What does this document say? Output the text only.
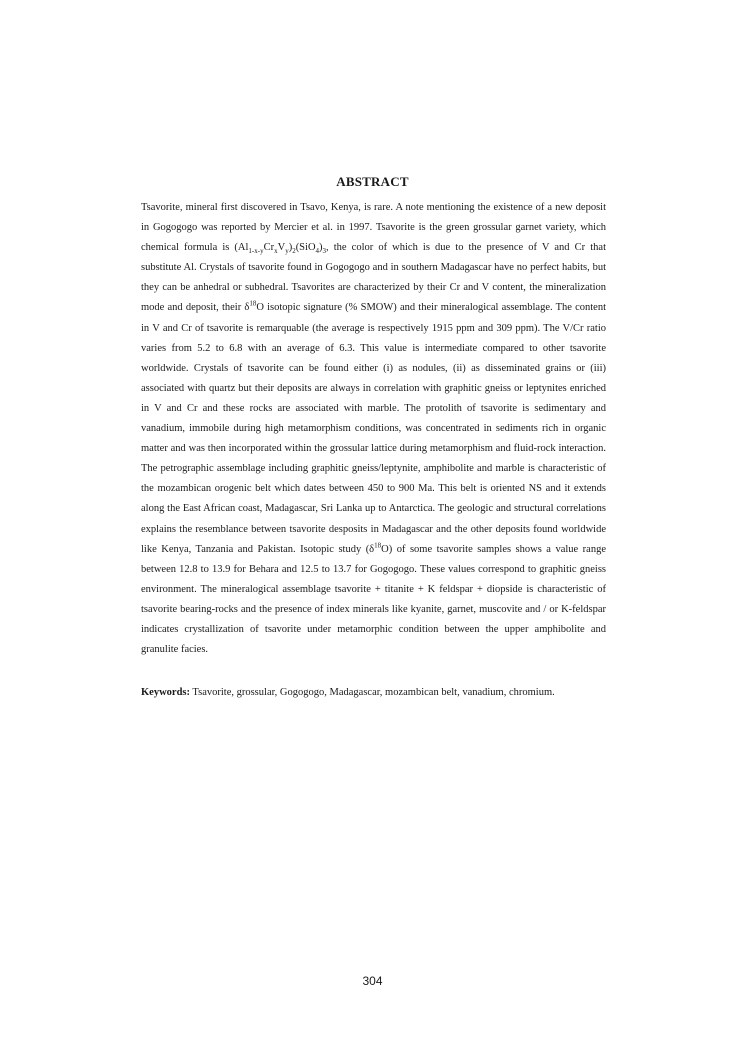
ABSTRACT
Tsavorite, mineral first discovered in Tsavo, Kenya, is rare. A note mentioning the existence of a new deposit in Gogogogo was reported by Mercier et al. in 1997. Tsavorite is the green grossular garnet variety, which chemical formula is $(Al_{1-x-y}Cr_xV_y)_2(SiO_4)_3$, the color of which is due to the presence of V and Cr that substitute Al. Crystals of tsavorite found in Gogogogo and in southern Madagascar have no perfect habits, but they can be anhedral or subhedral. Tsavorites are characterized by their Cr and V content, the mineralization mode and deposit, their $\delta^{18}O$ isotopic signature (% SMOW) and their mineralogical assemblage. The content in V and Cr of tsavorite is remarquable (the average is respectively 1915 ppm and 309 ppm). The V/Cr ratio varies from 5.2 to 6.8 with an average of 6.3. This value is intermediate compared to other tsavorite worldwide. Crystals of tsavorite can be found either (i) as nodules, (ii) as disseminated grains or (iii) associated with quartz but their deposits are always in correlation with graphitic gneiss or leptynites enriched in V and Cr and these rocks are associated with marble. The protolith of tsavorite is sedimentary and vanadium, immobile during high metamorphism conditions, was concentrated in sediments rich in organic matter and was then incorporated within the grossular lattice during metamorphism and fluid-rock interaction. The petrographic assemblage including graphitic gneiss/leptynite, amphibolite and marble is characteristic of the mozambican orogenic belt which dates between 450 to 900 Ma. This belt is oriented NS and it extends along the East African coast, Madagascar, Sri Lanka up to Antarctica. The geologic and structural correlations explains the resemblance between tsavorite desposits in Madagascar and the other deposits found worldwide like Kenya, Tanzania and Pakistan. Isotopic study $(\delta^{18}O)$ of some tsavorite samples shows a value range between 12.8 to 13.9 for Behara and 12.5 to 13.7 for Gogogogo. These values correspond to graphitic gneiss environment. The mineralogical assemblage tsavorite + titanite + K feldspar + diopside is characteristic of tsavorite bearing-rocks and the presence of index minerals like kyanite, garnet, muscovite and / or K-feldspar indicates crystallization of tsavorite under metamorphic condition between the upper amphibolite and granulite facies.
Keywords: Tsavorite, grossular, Gogogogo, Madagascar, mozambican belt, vanadium, chromium.
304
